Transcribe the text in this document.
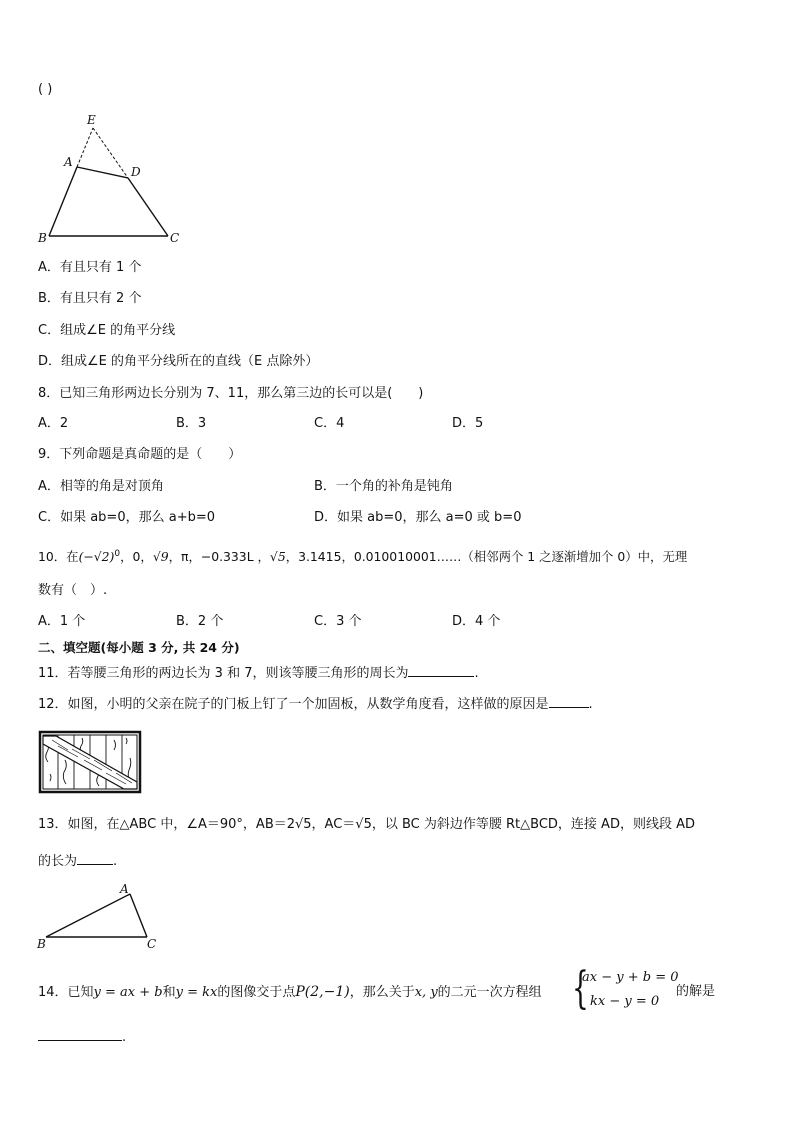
( )
E
A
D
B	C
A．有且只有 1 个
B．有且只有 2 个
C．组成∠E 的角平分线
D．组成∠E 的角平分线所在的直线（E 点除外）
8．已知三角形两边长分别为 7、11，那么第三边的长可以是(　　)
A．2	B．3	C．4	D．5
9．下列命题是真命题的是（　　）
A．相等的角是对顶角	B．一个角的补角是钝角
C．如果 ab=0，那么 a+b=0	D．如果 ab=0，那么 a=0 或 b=0
10．在$(-√2)^0$，0，√9，π，−0.333L ，√5，3.1415，0.010010001……（相邻两个 1 之逐渐增加个 0）中，无理
数有（　）.
A．1 个	B．2 个	C．3 个	D．4 个
二、填空题(每小题 3 分, 共 24 分)
11．若等腰三角形的两边长为 3 和 7，则该等腰三角形的周长为	.
12．如图，小明的父亲在院子的门板上钉了一个加固板，从数学角度看，这样做的原因是	.
13．如图，在△ABC 中，∠A＝90°，AB＝2√5，AC＝√5，以 BC 为斜边作等腰 Rt△BCD，连接 AD，则线段 AD
的长为	.
A
B	C
14．已知y = ax + b和y = kx的图像交于点P(2,−1)，那么关于x, y的二元一次方程组 {
ax − y + b = 0
kx − y = 0
的解是
.
